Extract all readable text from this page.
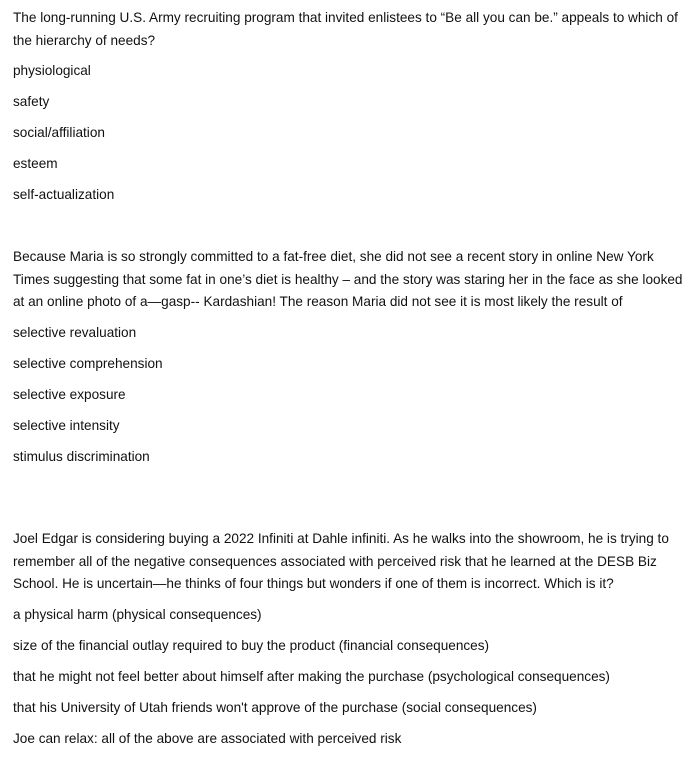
The long-running U.S. Army recruiting program that invited enlistees to “Be all you can be.” appeals to which of the hierarchy of needs?

physiological
safety
social/affiliation
esteem
self-actualization

Because Maria is so strongly committed to a fat-free diet, she did not see a recent story in online New York Times suggesting that some fat in one’s diet is healthy – and the story was staring her in the face as she looked at an online photo of a—gasp-- Kardashian! The reason Maria did not see it is most likely the result of

selective revaluation
selective comprehension
selective exposure
selective intensity
stimulus discrimination

Joel Edgar is considering buying a 2022 Infiniti at Dahle infiniti. As he walks into the showroom, he is trying to remember all of the negative consequences associated with perceived risk that he learned at the DESB Biz School. He is uncertain—he thinks of four things but wonders if one of them is incorrect. Which is it?

a physical harm (physical consequences)
size of the financial outlay required to buy the product (financial consequences)
that he might not feel better about himself after making the purchase (psychological consequences)
that his University of Utah friends won't approve of the purchase (social consequences)
Joe can relax: all of the above are associated with perceived risk
